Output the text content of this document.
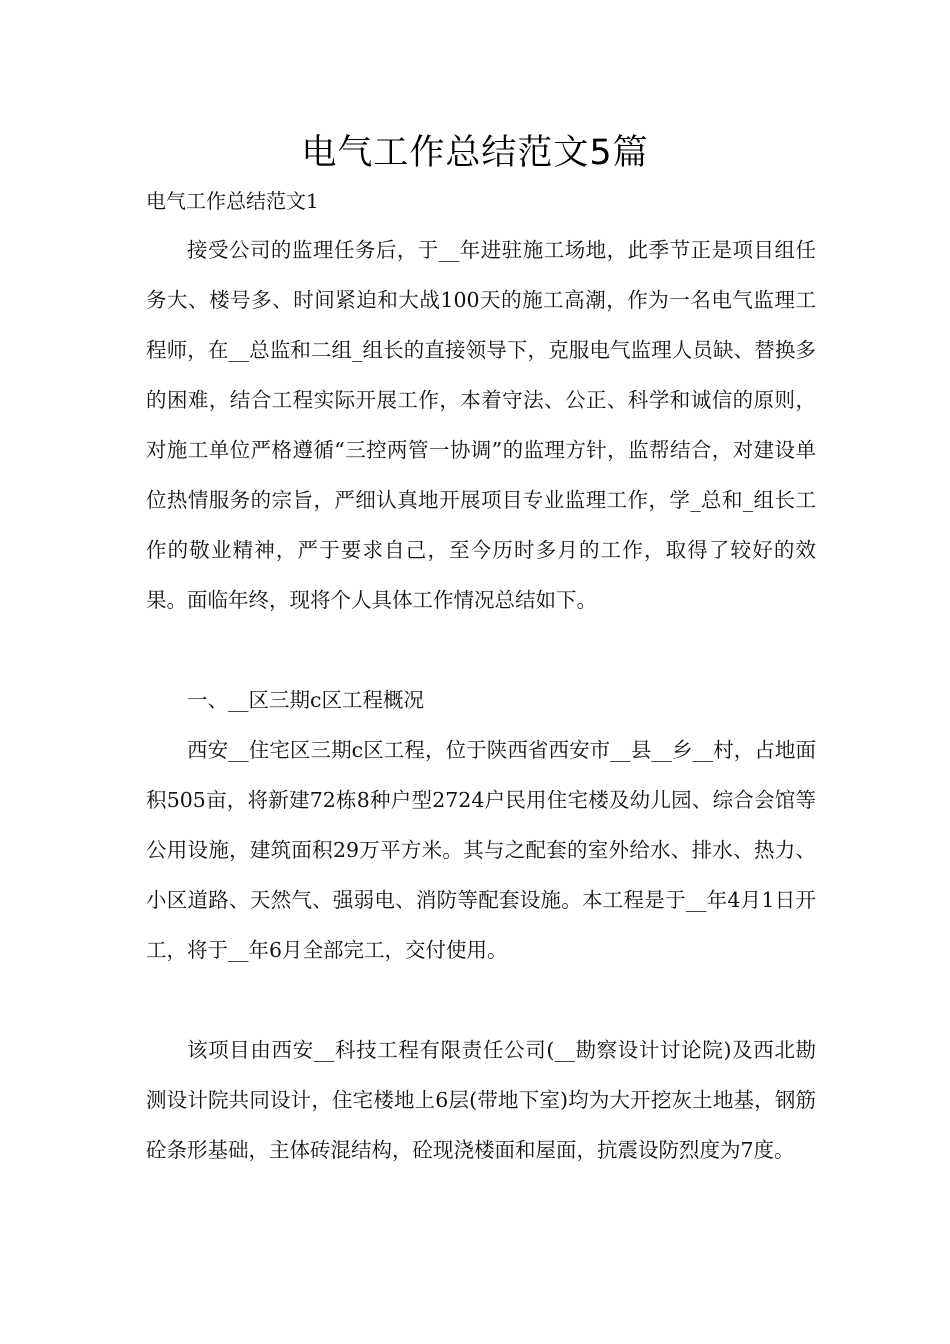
电气工作总结范文5篇
电气工作总结范文1

接受公司的监理任务后，于__年进驻施工场地，此季节正是项目组任务大、楼号多、时间紧迫和大战100天的施工高潮，作为一名电气监理工程师，在__总监和二组_组长的直接领导下，克服电气监理人员缺、替换多的困难，结合工程实际开展工作，本着守法、公正、科学和诚信的原则，对施工单位严格遵循“三控两管一协调”的监理方针，监帮结合，对建设单位热情服务的宗旨，严细认真地开展项目专业监理工作，学_总和_组长工作的敬业精神，严于要求自己，至今历时多月的工作，取得了较好的效果。面临年终，现将个人具体工作情况总结如下。

一、__区三期c区工程概况

西安__住宅区三期c区工程，位于陕西省西安市__县__乡__村，占地面积505亩，将新建72栋8种户型2724户民用住宅楼及幼儿园、综合会馆等公用设施，建筑面积29万平方米。其与之配套的室外给水、排水、热力、小区道路、天然气、强弱电、消防等配套设施。本工程是于__年4月1日开工，将于__年6月全部完工，交付使用。

该项目由西安__科技工程有限责任公司(__勘察设计讨论院)及西北勘测设计院共同设计，住宅楼地上6层(带地下室)均为大开挖灰土地基，钢筋砼条形基础，主体砖混结构，砼现浇楼面和屋面，抗震设防烈度为7度。
